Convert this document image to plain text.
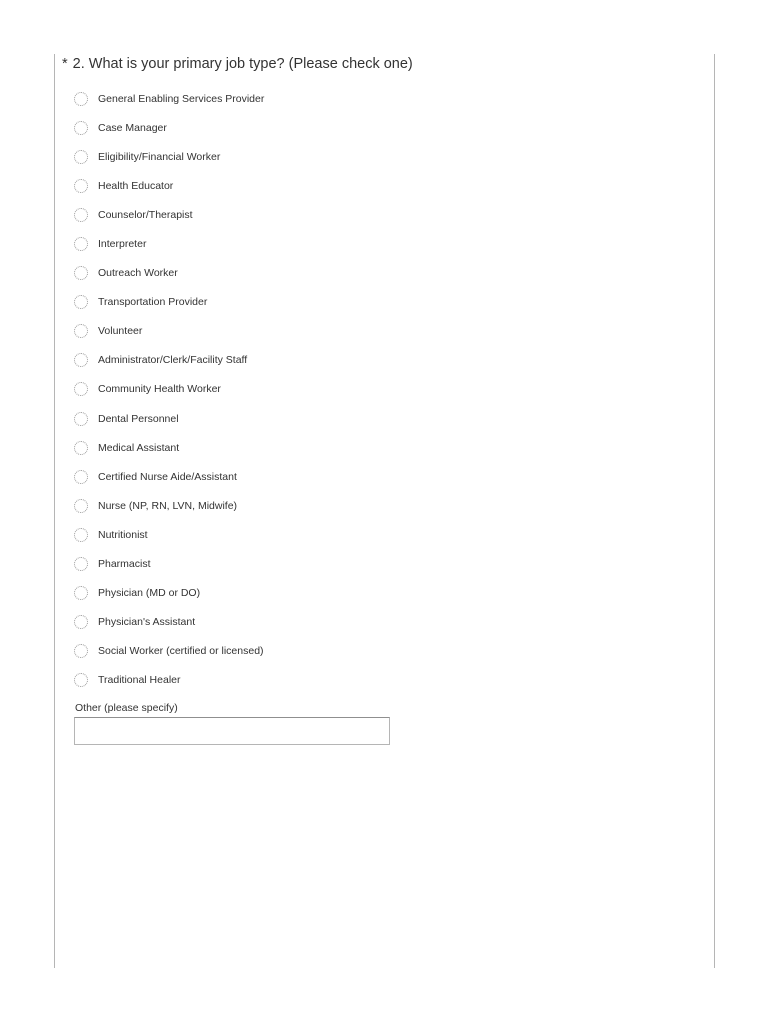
* 2. What is your primary job type? (Please check one)
General Enabling Services Provider
Case Manager
Eligibility/Financial Worker
Health Educator
Counselor/Therapist
Interpreter
Outreach Worker
Transportation Provider
Volunteer
Administrator/Clerk/Facility Staff
Community Health Worker
Dental Personnel
Medical Assistant
Certified Nurse Aide/Assistant
Nurse (NP, RN, LVN, Midwife)
Nutritionist
Pharmacist
Physician (MD or DO)
Physician's Assistant
Social Worker (certified or licensed)
Traditional Healer
Other (please specify)
